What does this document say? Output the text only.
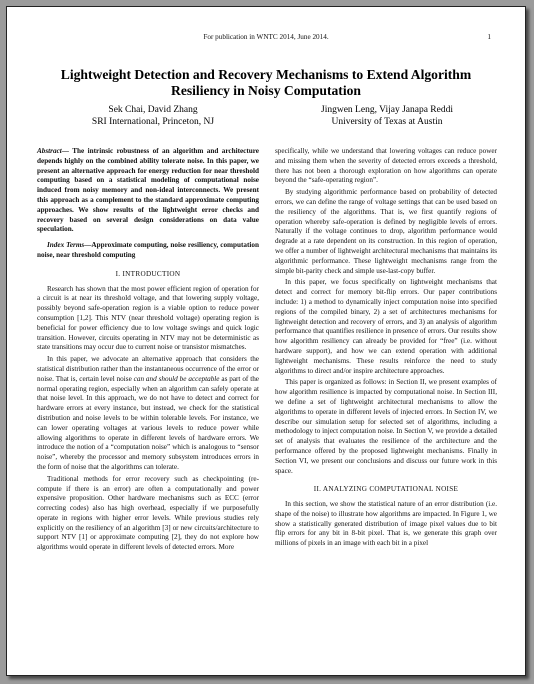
For publication in WNTC 2014, June 2014.	1
Lightweight Detection and Recovery Mechanisms to Extend Algorithm Resiliency in Noisy Computation
Sek Chai, David Zhang
SRI International, Princeton, NJ
Jingwen Leng, Vijay Janapa Reddi
University of Texas at Austin

Abstract— The intrinsic robustness of an algorithm and architecture depends highly on the combined ability tolerate noise. In this paper, we present an alternative approach for energy reduction for near threshold computing based on a statistical modeling of computational noise induced from noisy memory and non-ideal interconnects. We present this approach as a complement to the standard approximate computing approaches. We show results of the lightweight error checks and recovery based on several design considerations on data value speculation.

Index Terms—Approximate computing, noise resiliency, computation noise, near threshold computing

I. INTRODUCTION

Research has shown that the most power efficient region of operation for a circuit is at near its threshold voltage, and that lowering supply voltage, possibly beyond safe-operation region is a viable option to reduce power consumption [1,2]. This NTV (near threshold voltage) operating region is beneficial for power efficiency due to low voltage swings and quick logic transition. However, circuits operating in NTV may not be deterministic as state transitions may occur due to current noise or transistor mismatches.

In this paper, we advocate an alternative approach that considers the statistical distribution rather than the instantaneous occurrence of the error or noise. That is, certain level noise can and should be acceptable as part of the normal operating region, especially when an algorithm can safely operate at that noise level. In this approach, we do not have to detect and correct for hardware errors at every instance, but instead, we check for the statistical distribution and noise levels to be within tolerable levels. For instance, we can lower operating voltages at various levels to reduce power while allowing algorithms to operate in different levels of hardware errors. We introduce the notion of a “computation noise” which is analogous to “sensor noise”, whereby the processor and memory subsystem introduces errors in the form of noise that the algorithms can tolerate.

Traditional methods for error recovery such as checkpointing (re-compute if there is an error) are often a computationally and power expensive proposition. Other hardware mechanisms such as ECC (error correcting codes) also has high overhead, especially if we purposefully operate in regions with higher error levels. While previous studies rely explicitly on the resiliency of an algorithm [3] or new circuits/architecture to support NTV [1] or approximate computing [2], they do not explore how algorithms would operate in different levels of detected errors. More

specifically, while we understand that lowering voltages can reduce power and missing them when the severity of detected errors exceeds a threshold, there has not been a thorough exploration on how algorithms can operate beyond the “safe-operating region”.

By studying algorithmic performance based on probability of detected errors, we can define the range of voltage settings that can be used based on the resiliency of the algorithms. That is, we first quantify regions of operation whereby safe-operation is defined by negligible levels of errors. Naturally if the voltage continues to drop, algorithm performance would degrade at a rate dependent on its construction. In this region of operation, we offer a number of lightweight architectural mechanisms that maintains its algorithmic performance. These lightweight mechanisms range from the simple bit-parity check and simple use-last-copy buffer.

In this paper, we focus specifically on lightweight mechanisms that detect and correct for memory bit-flip errors. Our paper contributions include: 1) a method to dynamically inject computation noise into specified regions of the compiled binary, 2) a set of architectures mechanisms for lightweight detection and recovery of errors, and 3) an analysis of algorithm performance that quantifies resilience in presence of errors. Our results show how algorithm resiliency can already be provided for “free” (i.e. without hardware support), and how we can extend operation with additional lightweight mechanisms. These results reinforce the need to study algorithms to direct and/or inspire architecture approaches.

This paper is organized as follows: in Section II, we present examples of how algorithm resilience is impacted by computational noise. In Section III, we define a set of lightweight architectural mechanisms to allow the algorithms to operate in different levels of injected errors. In Section IV, we describe our simulation setup for selected set of algorithms, including a methodology to inject computation noise. In Section V, we provide a detailed set of analysis that evaluates the resilience of the architecture and the performance offered by the proposed lightweight mechanisms. Finally in Section VI, we present our conclusions and discuss our future work in this space.

II. ANALYZING COMPUTATIONAL NOISE

In this section, we show the statistical nature of an error distribution (i.e. shape of the noise) to illustrate how algorithms are impacted. In Figure 1, we show a statistically generated distribution of image pixel values due to bit flip errors for any bit in 8-bit pixel. That is, we generate this graph over millions of pixels in an image with each bit in a pixel
